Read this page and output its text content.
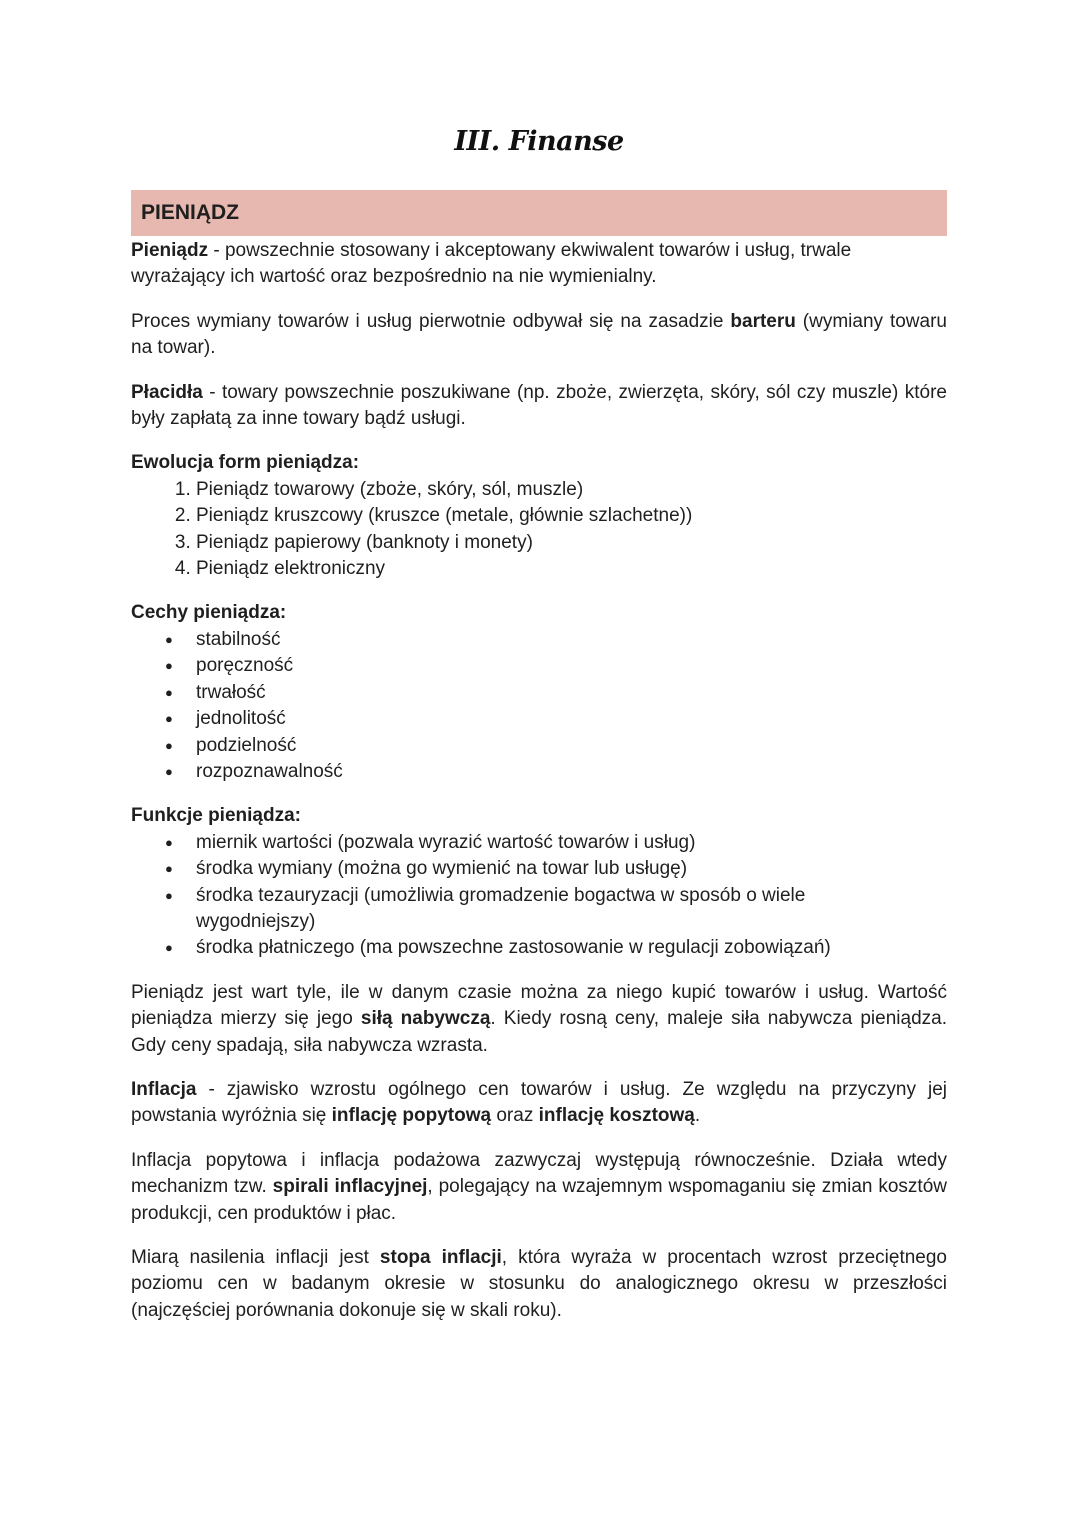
III. Finanse
PIENIĄDZ

Pieniądz - powszechnie stosowany i akceptowany ekwiwalent towarów i usług, trwale wyrażający ich wartość oraz bezpośrednio na nie wymienialny.

Proces wymiany towarów i usług pierwotnie odbywał się na zasadzie barteru (wymiany towaru na towar).

Płacidła - towary powszechnie poszukiwane (np. zboże, zwierzęta, skóry, sól czy muszle) które były zapłatą za inne towary bądź usługi.

Ewolucja form pieniądza:
1. Pieniądz towarowy (zboże, skóry, sól, muszle)
2. Pieniądz kruszcowy (kruszce (metale, głównie szlachetne))
3. Pieniądz papierowy (banknoty i monety)
4. Pieniądz elektroniczny
Cechy pieniądza:
● stabilność
● poręczność
● trwałość
● jednolitość
● podzielność
● rozpoznawalność
Funkcje pieniądza:
● miernik wartości (pozwala wyrazić wartość towarów i usług)
● środka wymiany (można go wymienić na towar lub usługę)
● środka tezauryzacji (umożliwia gromadzenie bogactwa w sposób o wiele wygodniejszy)
● środka płatniczego (ma powszechne zastosowanie w regulacji zobowiązań)

Pieniądz jest wart tyle, ile w danym czasie można za niego kupić towarów i usług. Wartość pieniądza mierzy się jego siłą nabywczą. Kiedy rosną ceny, maleje siła nabywcza pieniądza. Gdy ceny spadają, siła nabywcza wzrasta.

Inflacja - zjawisko wzrostu ogólnego cen towarów i usług. Ze względu na przyczyny jej powstania wyróżnia się inflację popytową oraz inflację kosztową.

Inflacja popytowa i inflacja podażowa zazwyczaj występują równocześnie. Działa wtedy mechanizm tzw. spirali inflacyjnej, polegający na wzajemnym wspomaganiu się zmian kosztów produkcji, cen produktów i płac.

Miarą nasilenia inflacji jest stopa inflacji, która wyraża w procentach wzrost przeciętnego poziomu cen w badanym okresie w stosunku do analogicznego okresu w przeszłości (najczęściej porównania dokonuje się w skali roku).
